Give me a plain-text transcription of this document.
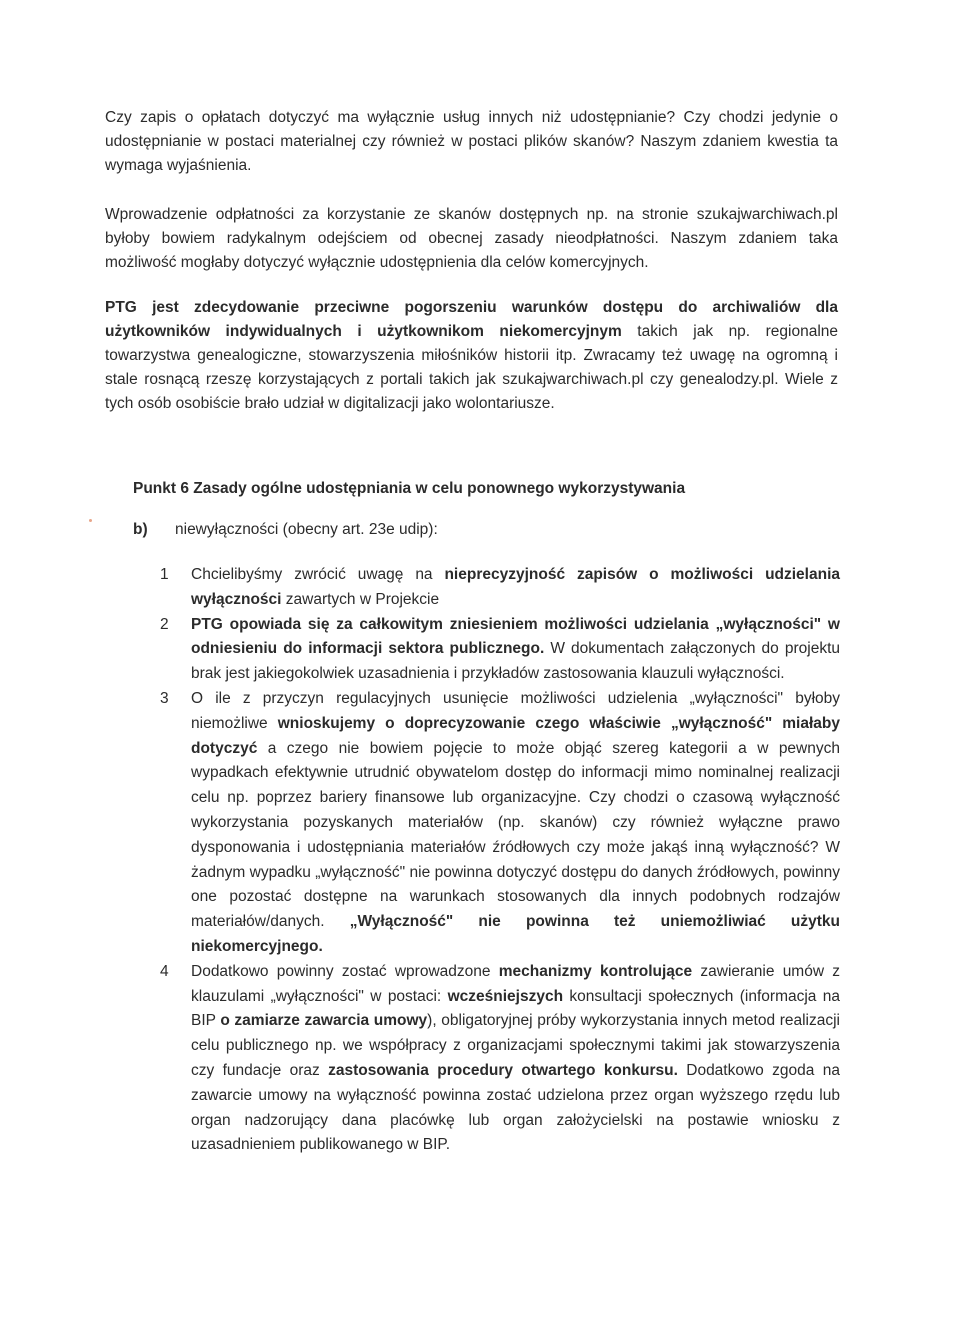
Czy zapis o opłatach dotyczyć ma wyłącznie usług innych niż udostępnianie? Czy chodzi jedynie o udostępnianie w postaci materialnej czy również w postaci plików skanów? Naszym zdaniem kwestia ta wymaga wyjaśnienia.

Wprowadzenie odpłatności za korzystanie ze skanów dostępnych np. na stronie szukajwarchiwach.pl byłoby bowiem radykalnym odejściem od obecnej zasady nieodpłatności. Naszym zdaniem taka możliwość mogłaby dotyczyć wyłącznie udostępnienia dla celów komercyjnych.

PTG jest zdecydowanie przeciwne pogorszeniu warunków dostępu do archiwaliów dla użytkowników indywidualnych i użytkownikom niekomercyjnym takich jak np. regionalne towarzystwa genealogiczne, stowarzyszenia miłośników historii itp. Zwracamy też uwagę na ogromną i stale rosnącą rzeszę korzystających z portali takich jak szukajwarchiwach.pl czy genealodzy.pl. Wiele z tych osób osobiście brało udział w digitalizacji jako wolontariusze.

Punkt 6 Zasady ogólne udostępniania w celu ponownego wykorzystywania

b) niewyłączności (obecny art. 23e udip):

1 Chcielibyśmy zwrócić uwagę na nieprecyzyjność zapisów o możliwości udzielania wyłączności zawartych w Projekcie
2 PTG opowiada się za całkowitym zniesieniem możliwości udzielania „wyłączności" w odniesieniu do informacji sektora publicznego. W dokumentach załączonych do projektu brak jest jakiegokolwiek uzasadnienia i przykładów zastosowania klauzuli wyłączności.
3 O ile z przyczyn regulacyjnych usunięcie możliwości udzielenia „wyłączności" byłoby niemożliwe wnioskujemy o doprecyzowanie czego właściwie „wyłączność" miałaby dotyczyć a czego nie bowiem pojęcie to może objąć szereg kategorii a w pewnych wypadkach efektywnie utrudnić obywatelom dostęp do informacji mimo nominalnej realizacji celu np. poprzez bariery finansowe lub organizacyjne. Czy chodzi o czasową wyłączność wykorzystania pozyskanych materiałów (np. skanów) czy również wyłączne prawo dysponowania i udostępniania materiałów źródłowych czy może jakąś inną wyłączność? W żadnym wypadku „wyłączność" nie powinna dotyczyć dostępu do danych źródłowych, powinny one pozostać dostępne na warunkach stosowanych dla innych podobnych rodzajów materiałów/danych. „Wyłączność" nie powinna też uniemożliwiać użytku niekomercyjnego.
4 Dodatkowo powinny zostać wprowadzone mechanizmy kontrolujące zawieranie umów z klauzulami „wyłączności" w postaci: wcześniejszych konsultacji społecznych (informacja na BIP o zamiarze zawarcia umowy), obligatoryjnej próby wykorzystania innych metod realizacji celu publicznego np. we współpracy z organizacjami społecznymi takimi jak stowarzyszenia czy fundacje oraz zastosowania procedury otwartego konkursu. Dodatkowo zgoda na zawarcie umowy na wyłączność powinna zostać udzielona przez organ wyższego rzędu lub organ nadzorujący dana placówkę lub organ założycielski na postawie wniosku z uzasadnieniem publikowanego w BIP.
